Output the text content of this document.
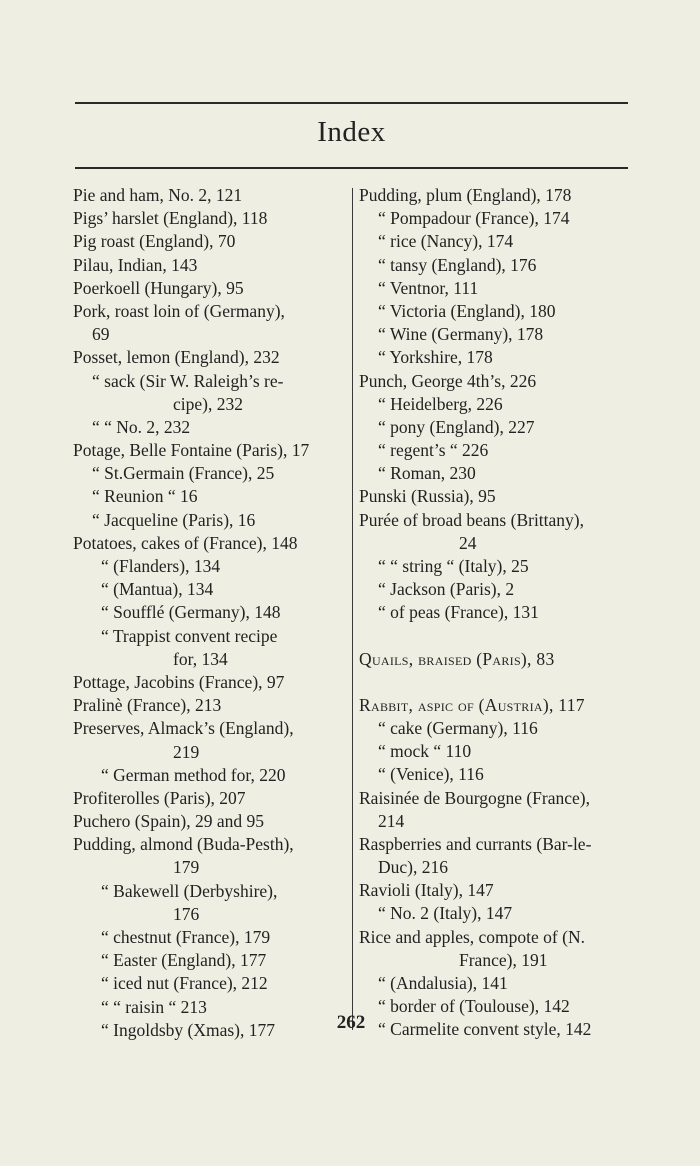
Index
Pie and ham, No. 2, 121
Pigs’ harslet (England), 118
Pig roast (England), 70
Pilau, Indian, 143
Poerkoell (Hungary), 95
Pork, roast loin of (Germany),
69
Posset, lemon (England), 232
“ sack (Sir W. Raleigh’s re-
cipe), 232
“ “ No. 2, 232
Potage, Belle Fontaine (Paris), 17
“ St.Germain (France), 25
“ Reunion “ 16
“ Jacqueline (Paris), 16
Potatoes, cakes of (France), 148
“ (Flanders), 134
“ (Mantua), 134
“ Soufflé (Germany), 148
“ Trappist convent recipe
for, 134
Pottage, Jacobins (France), 97
Pralinè (France), 213
Preserves, Almack’s (England),
219
“ German method for, 220
Profiterolles (Paris), 207
Puchero (Spain), 29 and 95
Pudding, almond (Buda-Pesth),
179
“ Bakewell (Derbyshire),
176
“ chestnut (France), 179
“ Easter (England), 177
“ iced nut (France), 212
“ “ raisin “ 213
“ Ingoldsby (Xmas), 177
Pudding, plum (England), 178
“ Pompadour (France), 174
“ rice (Nancy), 174
“ tansy (England), 176
“ Ventnor, 111
“ Victoria (England), 180
“ Wine (Germany), 178
“ Yorkshire, 178
Punch, George 4th’s, 226
“ Heidelberg, 226
“ pony (England), 227
“ regent’s “ 226
“ Roman, 230
Punski (Russia), 95
Purée of broad beans (Brittany),
24
“ “ string “ (Italy), 25
“ Jackson (Paris), 2
“ of peas (France), 131
Quails, braised (Paris), 83
Rabbit, aspic of (Austria), 117
“ cake (Germany), 116
“ mock “ 110
“ (Venice), 116
Raisinée de Bourgogne (France),
214
Raspberries and currants (Bar-le-
Duc), 216
Ravioli (Italy), 147
“ No. 2 (Italy), 147
Rice and apples, compote of (N.
France), 191
“ (Andalusia), 141
“ border of (Toulouse), 142
“ Carmelite convent style, 142
262
